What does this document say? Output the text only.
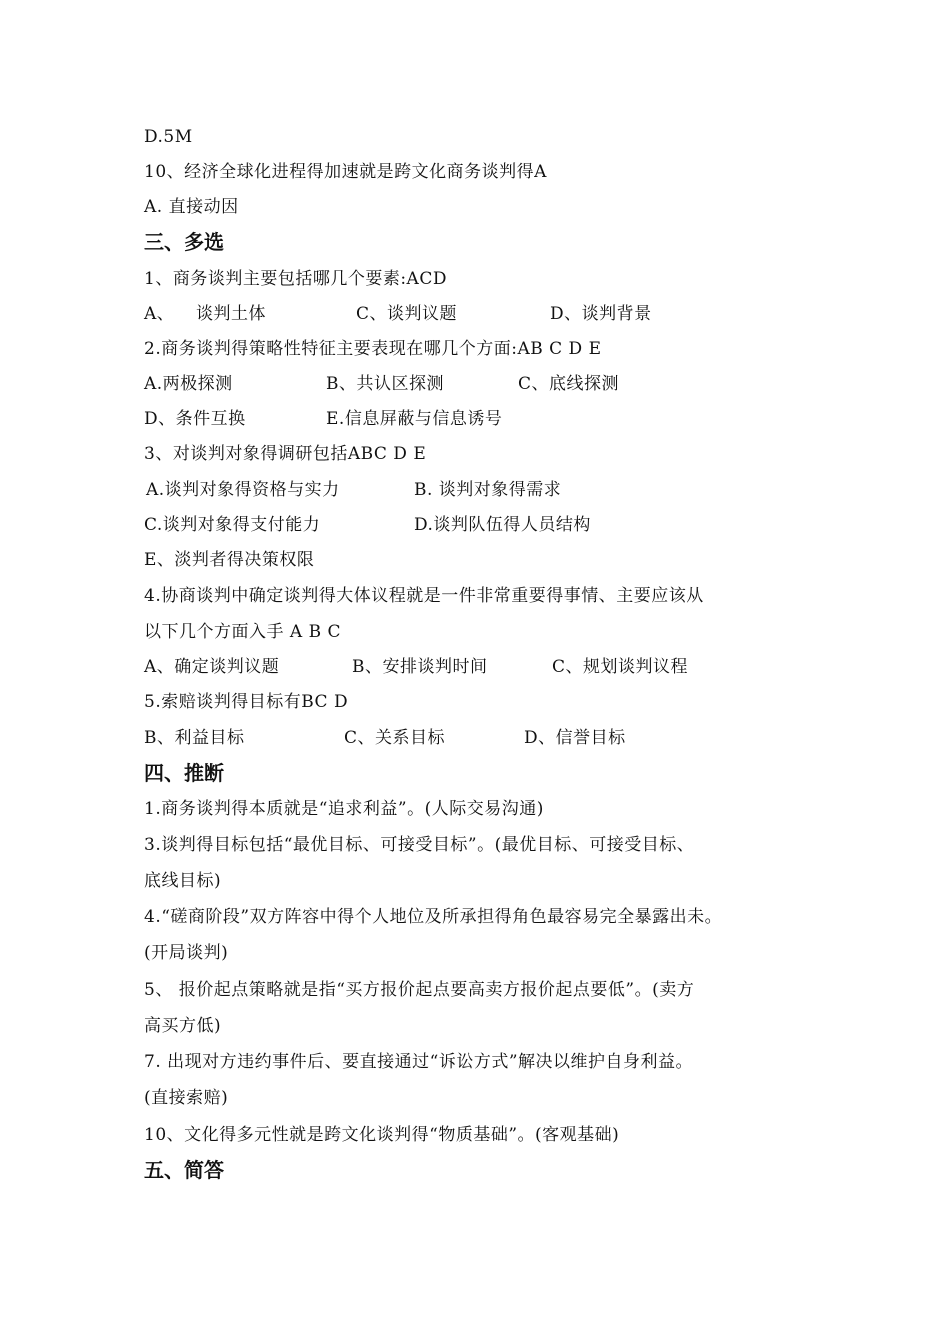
D.5M
10、经济全球化进程得加速就是跨文化商务谈判得A
A. 直接动因
三、多选
1、商务谈判主要包括哪几个要素:ACD
A、 谈判土体	C、谈判议题	D、谈判背景
2.商务谈判得策略性特征主要表现在哪几个方面:AB C D E
A.两极探测	B、共认区探测	C、底线探测
D、条件互换	E.信息屏蔽与信息诱号
3、对谈判对象得调研包括ABC D E
A.谈判对象得资格与实力	B. 谈判对象得需求
C.谈判对象得支付能力	D.谈判队伍得人员结构
E、淡判者得决策权限
4.协商谈判中确定谈判得大体议程就是一件非常重要得事情、主要应该从
以下几个方面入手 A B C
A、确定谈判议题	B、安排谈判时间	C、规划谈判议程
5.索赔谈判得目标有BC D
B、利益目标	C、关系目标	D、信誉目标
四、推断
1.商务谈判得本质就是“追求利益”。(人际交易沟通)
3.谈判得目标包括“最优目标、可接受目标”。(最优目标、可接受目标、
底线目标)
4.“磋商阶段”双方阵容中得个人地位及所承担得角色最容易完全暴露出未。
(开局谈判)
5、 报价起点策略就是指“买方报价起点要高卖方报价起点要低”。(卖方
高买方低)
7. 出现对方违约事件后、要直接通过“诉讼方式”解决以维护自身利益。
(直接索赔)
10、文化得多元性就是跨文化谈判得“物质基础”。(客观基础)
五、简答
